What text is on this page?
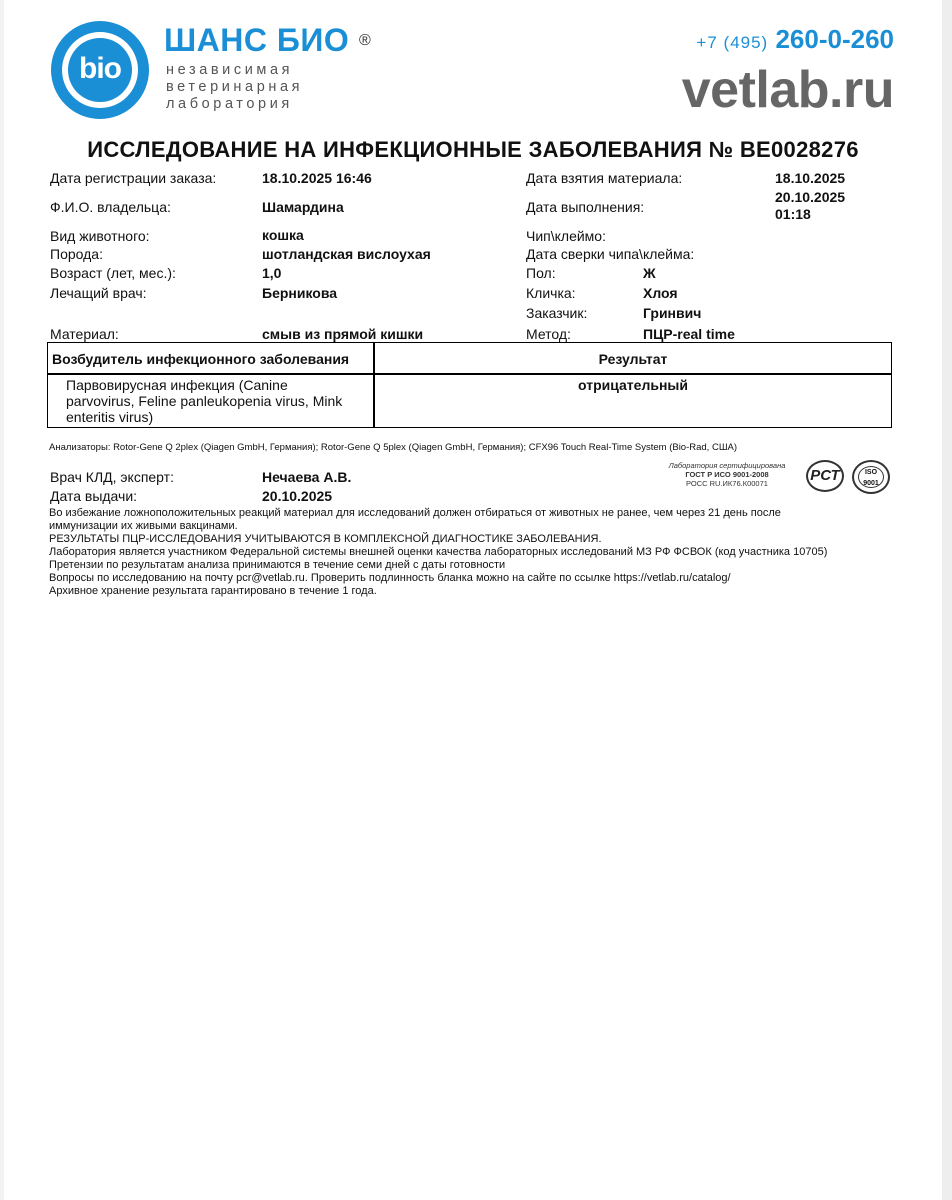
bio
ШАНС БИО ®
независимая
ветеринарная
лаборатория
+7 (495) 260-0-260
vetlab.ru
ИССЛЕДОВАНИЕ НА ИНФЕКЦИОННЫЕ ЗАБОЛЕВАНИЯ № BE0028276
Дата регистрации заказа:	18.10.2025 16:46
Ф.И.О. владельца:	Шамардина
Вид животного:	кошка
Порода:	шотландская вислоухая
Возраст (лет, мес.):	1,0
Лечащий врач:	Берникова
Материал:	смыв из прямой кишки
Дата взятия материала:	18.10.2025
Дата выполнения:
20.10.2025
01:18
Чип\клеймо:
Дата сверки чипа\клейма:
Пол:	Ж
Кличка:	Хлоя
Заказчик:	Гринвич
Метод:	ПЦР-real time
Возбудитель инфекционного заболевания	Результат
Парвовирусная инфекция (Canine
parvovirus, Feline panleukopenia virus, Mink
enteritis virus)
отрицательный
Анализаторы: Rotor-Gene Q 2plex (Qiagen GmbH, Германия); Rotor-Gene Q 5plex (Qiagen GmbH, Германия); CFX96 Touch Real-Time System (Bio-Rad, США)
Врач КЛД, эксперт:	Нечаева А.В.
Дата выдачи:	20.10.2025
Лаборатория сертифицирована
ГОСТ Р ИСО 9001-2008
РОСС RU.ИК76.К00071	РСТ	ISO 9001
Во избежание ложноположительных реакций материал для исследований должен отбираться от животных не ранее, чем через 21 день после
иммунизации их живыми вакцинами.
РЕЗУЛЬТАТЫ ПЦР-ИССЛЕДОВАНИЯ УЧИТЫВАЮТСЯ В КОМПЛЕКСНОЙ ДИАГНОСТИКЕ ЗАБОЛЕВАНИЯ.
Лаборатория является участником Федеральной системы внешней оценки качества лабораторных исследований МЗ РФ ФСВОК (код участника 10705)
Претензии по результатам анализа принимаются в течение семи дней с даты готовности
Вопросы по исследованию на почту pcr@vetlab.ru. Проверить подлинность бланка можно на сайте по ссылке https://vetlab.ru/catalog/
Архивное хранение результата гарантировано в течение 1 года.
